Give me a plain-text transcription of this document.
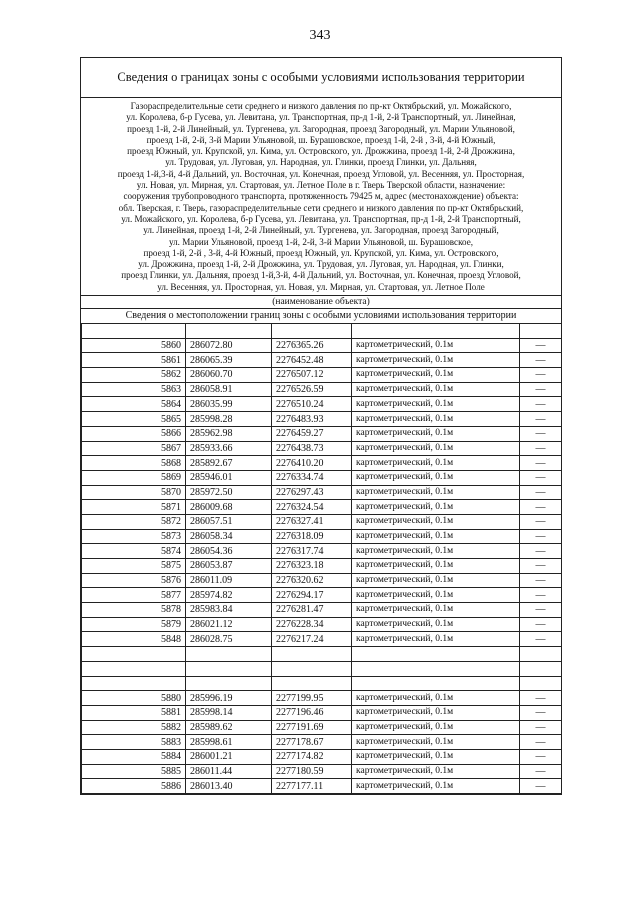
343
Сведения о границах зоны с особыми условиями использования территории
Газораспределительные сети среднего и низкого давления по пр-кт Октябрьский, ул. Можайского,
ул. Королева, б-р Гусева, ул. Левитана, ул. Транспортная, пр-д 1-й, 2-й Транспортный, ул. Линейная,
проезд 1-й, 2-й Линейный, ул. Тургенева, ул. Загородная, проезд Загородный, ул. Марии Ульяновой,
проезд 1-й, 2-й, 3-й Марии Ульяновой, ш. Бурашовское, проезд 1-й, 2-й , 3-й, 4-й Южный,
проезд Южный, ул. Крупской, ул. Кима, ул. Островского, ул. Дрожжина, проезд 1-й, 2-й Дрожжина,
ул. Трудовая, ул. Луговая, ул. Народная, ул. Глинки, проезд Глинки, ул. Дальняя,
проезд 1-й,3-й, 4-й Дальний, ул. Восточная, ул. Конечная, проезд Угловой, ул. Весенняя, ул. Просторная,
ул. Новая, ул. Мирная, ул. Стартовая, ул. Летное Поле в г. Тверь Тверской области, назначение:
сооружения трубопроводного транспорта, протяженность 79425 м, адрес (местонахождение) объекта:
обл. Тверская, г. Тверь, газораспределительные сети среднего и низкого давления по пр-кт Октябрьский,
ул. Можайского, ул. Королева, б-р Гусева, ул. Левитана, ул. Транспортная, пр-д 1-й, 2-й Транспортный,
ул. Линейная, проезд 1-й, 2-й Линейный, ул. Тургенева, ул. Загородная, проезд Загородный,
ул. Марии Ульяновой, проезд 1-й, 2-й, 3-й Марии Ульяновой, ш. Бурашовское,
проезд 1-й, 2-й , 3-й, 4-й Южный, проезд Южный, ул. Крупской, ул. Кима, ул. Островского,
ул. Дрожжина, проезд 1-й, 2-й Дрожжина, ул. Трудовая, ул. Луговая, ул. Народная, ул. Глинки,
проезд Глинки, ул. Дальняя, проезд 1-й,3-й, 4-й Дальний, ул. Восточная, ул. Конечная, проезд Угловой,
ул. Весенняя, ул. Просторная, ул. Новая, ул. Мирная, ул. Стартовая, ул. Летное Поле
(наименование объекта)
Сведения о местоположении границ зоны с особыми условиями использования территории

5860	286072.80	2276365.26	картометрический, 0.1м	—
5861	286065.39	2276452.48	картометрический, 0.1м	—
5862	286060.70	2276507.12	картометрический, 0.1м	—
5863	286058.91	2276526.59	картометрический, 0.1м	—
5864	286035.99	2276510.24	картометрический, 0.1м	—
5865	285998.28	2276483.93	картометрический, 0.1м	—
5866	285962.98	2276459.27	картометрический, 0.1м	—
5867	285933.66	2276438.73	картометрический, 0.1м	—
5868	285892.67	2276410.20	картометрический, 0.1м	—
5869	285946.01	2276334.74	картометрический, 0.1м	—
5870	285972.50	2276297.43	картометрический, 0.1м	—
5871	286009.68	2276324.54	картометрический, 0.1м	—
5872	286057.51	2276327.41	картометрический, 0.1м	—
5873	286058.34	2276318.09	картометрический, 0.1м	—
5874	286054.36	2276317.74	картометрический, 0.1м	—
5875	286053.87	2276323.18	картометрический, 0.1м	—
5876	286011.09	2276320.62	картометрический, 0.1м	—
5877	285974.82	2276294.17	картометрический, 0.1м	—
5878	285983.84	2276281.47	картометрический, 0.1м	—
5879	286021.12	2276228.34	картометрический, 0.1м	—
5848	286028.75	2276217.24	картометрический, 0.1м	—

5880	285996.19	2277199.95	картометрический, 0.1м	—
5881	285998.14	2277196.46	картометрический, 0.1м	—
5882	285989.62	2277191.69	картометрический, 0.1м	—
5883	285998.61	2277178.67	картометрический, 0.1м	—
5884	286001.21	2277174.82	картометрический, 0.1м	—
5885	286011.44	2277180.59	картометрический, 0.1м	—
5886	286013.40	2277177.11	картометрический, 0.1м	—
